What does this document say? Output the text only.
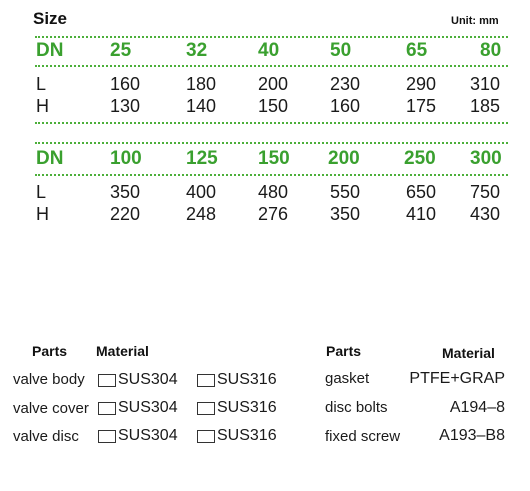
Size	Unit: mm
DN 25	32	40	50	65	80
L	160	180 200 230	290 310
H	130	140 150 160	175 185
DN 100 125 150 200 250 300
L	350	400 480 550	650 750
H	220	248 276 350	410 430
Parts Material	Parts	Material
valve body SUS304 SUS316
valve cover SUS304 SUS316
valve disc SUS304 SUS316
gasket	PTFE+GRAP
disc bolts	A194–8
fixed screw A193–B8
